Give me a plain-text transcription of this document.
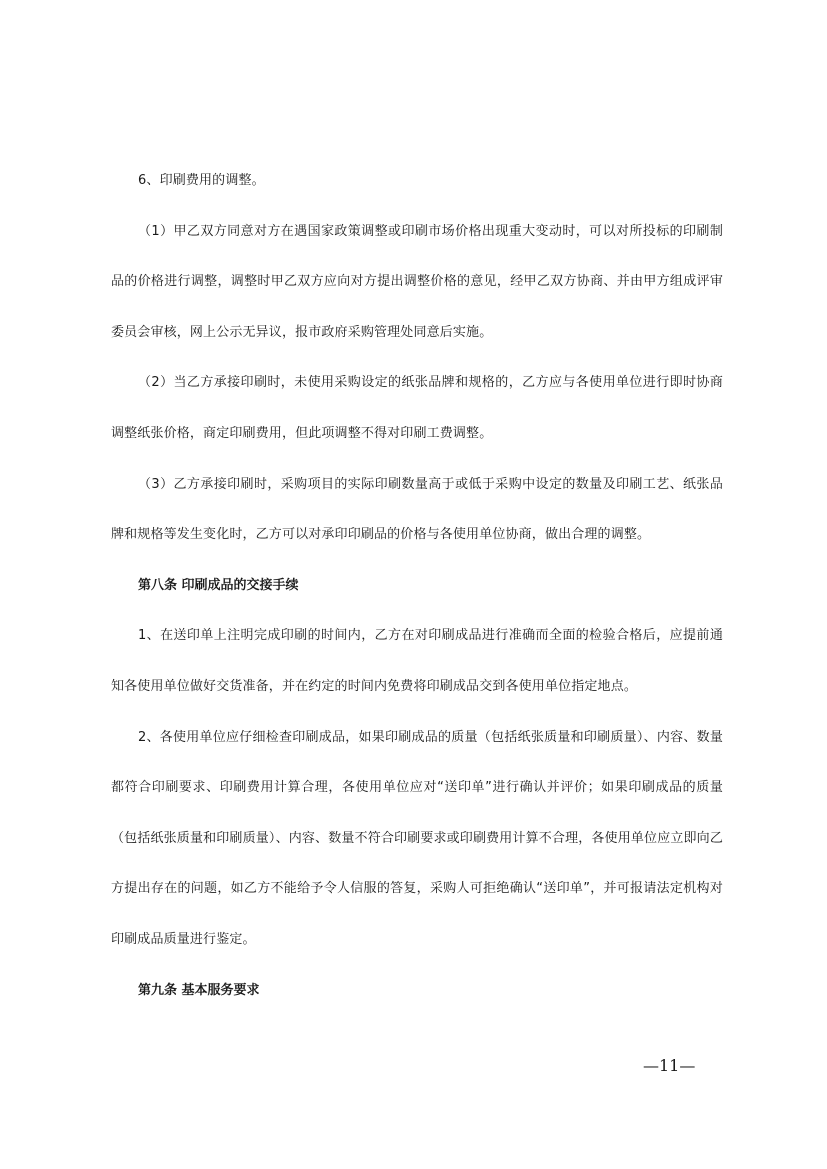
6、印刷费用的调整。

（1）甲乙双方同意对方在遇国家政策调整或印刷市场价格出现重大变动时，可以对所投标的印刷制品的价格进行调整，调整时甲乙双方应向对方提出调整价格的意见，经甲乙双方协商、并由甲方组成评审委员会审核，网上公示无异议，报市政府采购管理处同意后实施。

（2）当乙方承接印刷时，未使用采购设定的纸张品牌和规格的，乙方应与各使用单位进行即时协商调整纸张价格，商定印刷费用，但此项调整不得对印刷工费调整。

（3）乙方承接印刷时，采购项目的实际印刷数量高于或低于采购中设定的数量及印刷工艺、纸张品牌和规格等发生变化时，乙方可以对承印印刷品的价格与各使用单位协商，做出合理的调整。

第八条 印刷成品的交接手续

1、在送印单上注明完成印刷的时间内，乙方在对印刷成品进行准确而全面的检验合格后，应提前通知各使用单位做好交货准备，并在约定的时间内免费将印刷成品交到各使用单位指定地点。

2、各使用单位应仔细检查印刷成品，如果印刷成品的质量（包括纸张质量和印刷质量）、内容、数量都符合印刷要求、印刷费用计算合理，各使用单位应对“送印单”进行确认并评价；如果印刷成品的质量（包括纸张质量和印刷质量）、内容、数量不符合印刷要求或印刷费用计算不合理，各使用单位应立即向乙方提出存在的问题，如乙方不能给予令人信服的答复，采购人可拒绝确认“送印单”，并可报请法定机构对印刷成品质量进行鉴定。

第九条 基本服务要求

—11—
